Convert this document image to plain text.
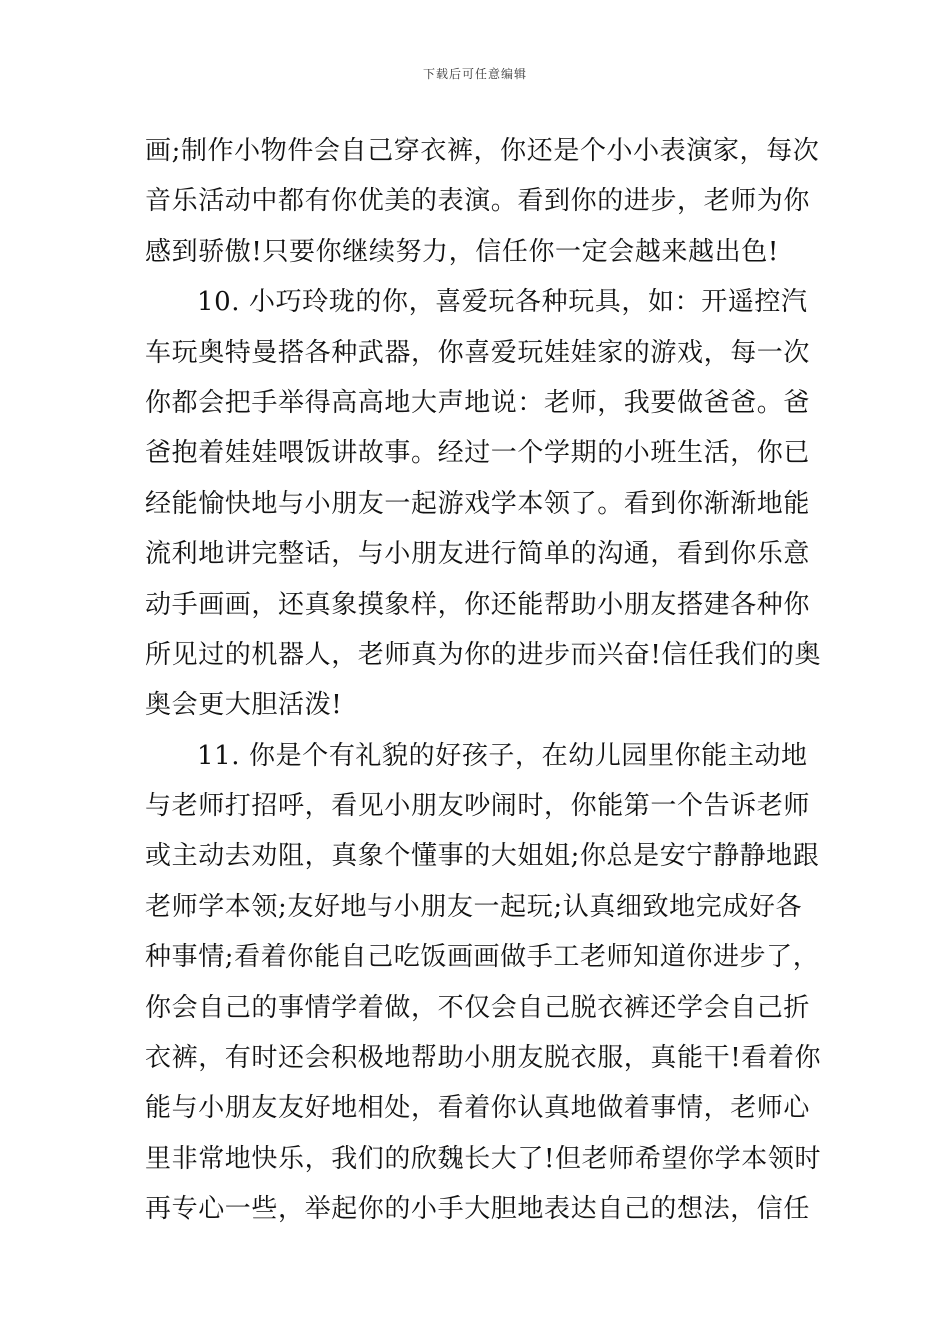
下载后可任意编辑
画;制作小物件会自己穿衣裤，你还是个小小表演家，每次
音乐活动中都有你优美的表演。看到你的进步，老师为你
感到骄傲!只要你继续努力，信任你一定会越来越出色!
10. 小巧玲珑的你，喜爱玩各种玩具，如：开遥控汽
车玩奥特曼搭各种武器，你喜爱玩娃娃家的游戏，每一次
你都会把手举得高高地大声地说：老师，我要做爸爸。爸
爸抱着娃娃喂饭讲故事。经过一个学期的小班生活，你已
经能愉快地与小朋友一起游戏学本领了。看到你渐渐地能
流利地讲完整话，与小朋友进行简单的沟通，看到你乐意
动手画画，还真象摸象样，你还能帮助小朋友搭建各种你
所见过的机器人，老师真为你的进步而兴奋!信任我们的奥
奥会更大胆活泼!
11. 你是个有礼貌的好孩子，在幼儿园里你能主动地
与老师打招呼，看见小朋友吵闹时，你能第一个告诉老师
或主动去劝阻，真象个懂事的大姐姐;你总是安宁静静地跟
老师学本领;友好地与小朋友一起玩;认真细致地完成好各
种事情;看着你能自己吃饭画画做手工老师知道你进步了，
你会自己的事情学着做，不仅会自己脱衣裤还学会自己折
衣裤，有时还会积极地帮助小朋友脱衣服，真能干!看着你
能与小朋友友好地相处，看着你认真地做着事情，老师心
里非常地快乐，我们的欣魏长大了!但老师希望你学本领时
再专心一些，举起你的小手大胆地表达自己的想法，信任
